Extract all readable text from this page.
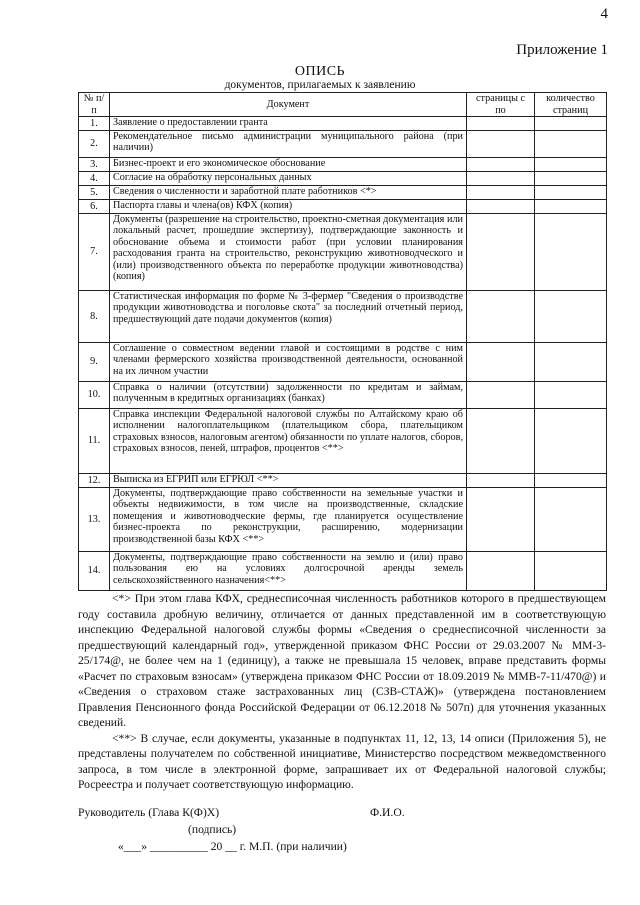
4
Приложение 1
ОПИСЬ
документов, прилагаемых к заявлению
№ п/п	Документ	страницы с по	количество страниц
1.	Заявление о предоставлении гранта		
2.	Рекомендательное письмо администрации муниципального района (при наличии)		
3.	Бизнес-проект и его экономическое обоснование		
4.	Согласие на обработку персональных данных		
5.	Сведения о численности и заработной плате работников <*>		
6.	Паспорта главы и члена(ов) КФХ (копия)		
7.	Документы (разрешение на строительство, проектно-сметная документация или локальный расчет, прошедшие экспертизу), подтверждающие законность и обоснование объема и стоимости работ (при условии планирования расходования гранта на строительство, реконструкцию животноводческого и (или) производственного объекта по переработке продукции животноводства)(копия)		
8.	Статистическая информация по форме № 3-фермер "Сведения о производстве продукции животноводства и поголовье скота" за последний отчетный период, предшествующий дате подачи документов (копия)		
9.	Соглашение о совместном ведении главой и состоящими в родстве с ним членами фермерского хозяйства производственной деятельности, основанной на их личном участии		
10.	Справка о наличии (отсутствии) задолженности по кредитам и займам, полученным в кредитных организациях (банках)		
11.	Справка инспекции Федеральной налоговой службы по Алтайскому краю об исполнении налогоплательщиком (плательщиком сбора, плательщиком страховых взносов, налоговым агентом) обязанности по уплате налогов, сборов, страховых взносов, пеней, штрафов, процентов <**>		
12.	Выписка из ЕГРИП или ЕГРЮЛ <**>		
13.	Документы, подтверждающие право собственности на земельные участки и объекты недвижимости, в том числе на производственные, складские помещения и животноводческие фермы, где планируется осуществление бизнес-проекта по реконструкции, расширению, модернизации производственной базы КФХ <**>		
14.	Документы, подтверждающие право собственности на землю и (или) право пользования ею на условиях долгосрочной аренды земель сельскохозяйственного назначения<**>		

<*> При этом глава КФХ, среднесписочная численность работников которого в предшествующем году составила дробную величину, отличается от данных представленной им в соответствующую инспекцию Федеральной налоговой службы формы «Сведения о среднесписочной численности за предшествующий календарный год», утвержденной приказом ФНС России от 29.03.2007 № ММ-3-25/174@, не более чем на 1 (единицу), а также не превышала 15 человек, вправе представить формы «Расчет по страховым взносам» (утверждена приказом ФНС России от 18.09.2019 № ММВ-7-11/470@) и «Сведения о страховом стаже застрахованных лиц (СЗВ-СТАЖ)» (утверждена постановлением Правления Пенсионного фонда Российской Федерации от 06.12.2018 № 507п) для уточнения указанных сведений.

<**> В случае, если документы, указанные в подпунктах 11, 12, 13, 14 описи (Приложения 5), не представлены получателем по собственной инициативе, Министерство посредством межведомственного запроса, в том числе в электронной форме, запрашивает их от Федеральной налоговой службы; Росреестра и получает соответствующую информацию.

Руководитель (Глава К(Ф)Х)	Ф.И.О.
(подпись)
«___» __________ 20 __ г. М.П. (при наличии)
